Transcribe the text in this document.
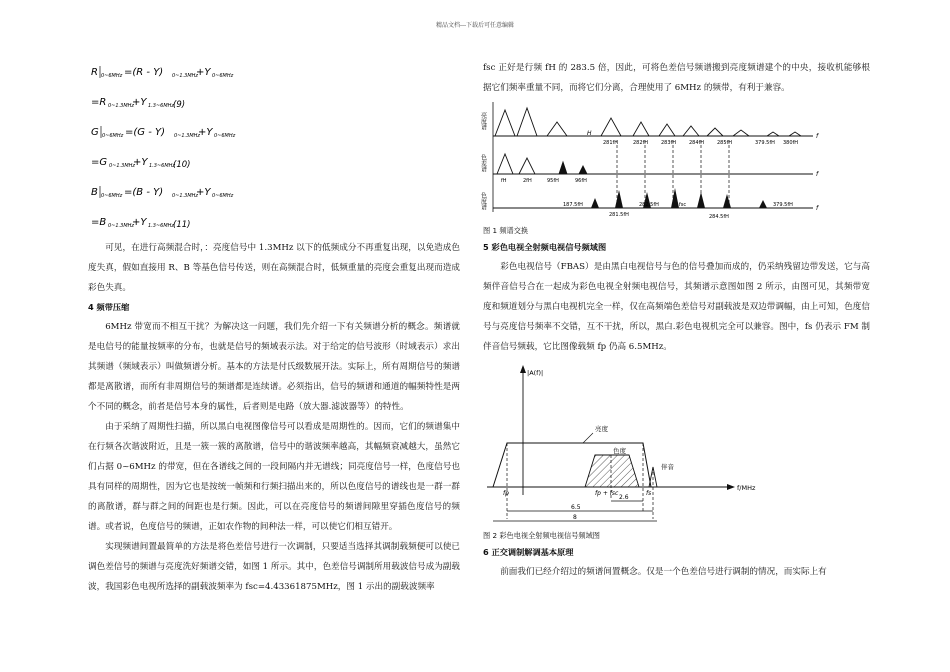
精品文档---下载后可任意编辑
R 0~6MHz =(R - Y) 0~1.3MHz
+Y 0~6MHz
=R 0~1.3MHz
+Y 1.3~6MHz
(9)
G 0~6MHz =(G - Y) 0~1.3MHz
+Y 0~6MHz
=G 0~1.3MHz
+Y 1.3~6MHz
(10)
B 0~6MHz =(B - Y) 0~1.3MHz
+Y 0~6MHz
=B 0~1.3MHz
+Y 1.3~6MHz
(11)
可见，在进行高频混合时，：亮度信号中 1.3MHz 以下的低频成分不再重复出现，以免造成色度失真，假如直接用 R、B 等基色信号传送，则在高频混合时，低频重量的亮度会重复出现而造成彩色失真。
4 频带压缩
6MHz 带宽而不相互干扰？为解决这一问题，我们先介绍一下有关频谱分析的概念。频谱就是电信号的能量按频率的分布，也就是信号的频域表示法。对于给定的信号波形（时域表示）求出其频谱（频域表示）叫做频谱分析。基本的方法是付氏级数展开法。实际上，所有周期信号的频谱都是离散谱，而所有非周期信号的频谱都是连续谱。必须指出，信号的频谱和通道的幅频特性是两个不同的概念，前者是信号本身的属性，后者则是电路（放大器.滤波器等）的特性。
由于采纳了周期性扫描，所以黑白电视图像信号可以看成是周期性的。因而，它们的频谱集中在行频各次谐波附近，且是一簇一簇的离散谱，信号中的谐波频率越高，其幅频衰减越大，虽然它们占据 0~6MHz 的带宽，但在各谱线之间的一段间隔内并无谱线；同亮度信号一样，色度信号也具有同样的周期性，因为它也是按统一帧频和行频扫描出来的，所以色度信号的谱线也是一群一群的离散谱，群与群之间的间距也是行频。因此，可以在亮度信号的频谱间隙里穿插色度信号的频谱。或者说，色度信号的频谱，正如农作物的间种法一样，可以使它们相互错开。
实现频谱间置最简单的方法是将色差信号进行一次调制，只要适当选择其调制载频便可以使已调色差信号的频谱与亮度洗好频谱交错，如图 1 所示。其中，色差信号调制所用载波信号成为副载波，我国彩色电视所选择的副载波频率为 fsc=4.43361875MHz，图 1 示出的副载波频率
fsc 正好是行频 fH 的 283.5 倍，因此，可将色差信号频谱搬到亮度频谱建个的中央，接收机能够根据它们频率重量不同，而将它们分离，合理使用了 6MHz 的频带，有利于兼容。
亮度谱
色差谱
色度谱
f
f
f
H
281fH	282fH	283fH	284fH	285fH	379.5fH 380fH
fH	2fH	95fH	96fH
187.5fH
281.5fH
282.5fH	fsc
284.5fH
379.5fH
图 1 频谱交换
5 彩色电视全射频电视信号频域图
彩色电视信号（FBAS）是由黑白电视信号与色的信号叠加而成的，仍采纳残留边带发送，它与高频伴音信号合在一起成为彩色电视全射频电视信号，其频谱示意图如图 2 所示，由图可见，其频带宽度和频道划分与黑白电视机完全一样，仅在高频端色差信号对副载波是双边带调幅，由上可知，色度信号与亮度信号频率不交错，互不干扰，所以，黑白.彩色电视机完全可以兼容。图中，fs 仍表示 FM 制伴音信号频载，它比图像载频 fp 仍高 6.5MHz。
|A(f)|
f/MHz
亮度
色度
伴音
fp	fp + fsc	fs
2.6
6.5
8
图 2 彩色电视全射频电视信号频域图
6 正交调制解调基本原理
前面我们已经介绍过的频谱间置概念。仅是一个色差信号进行调制的情况，而实际上有
